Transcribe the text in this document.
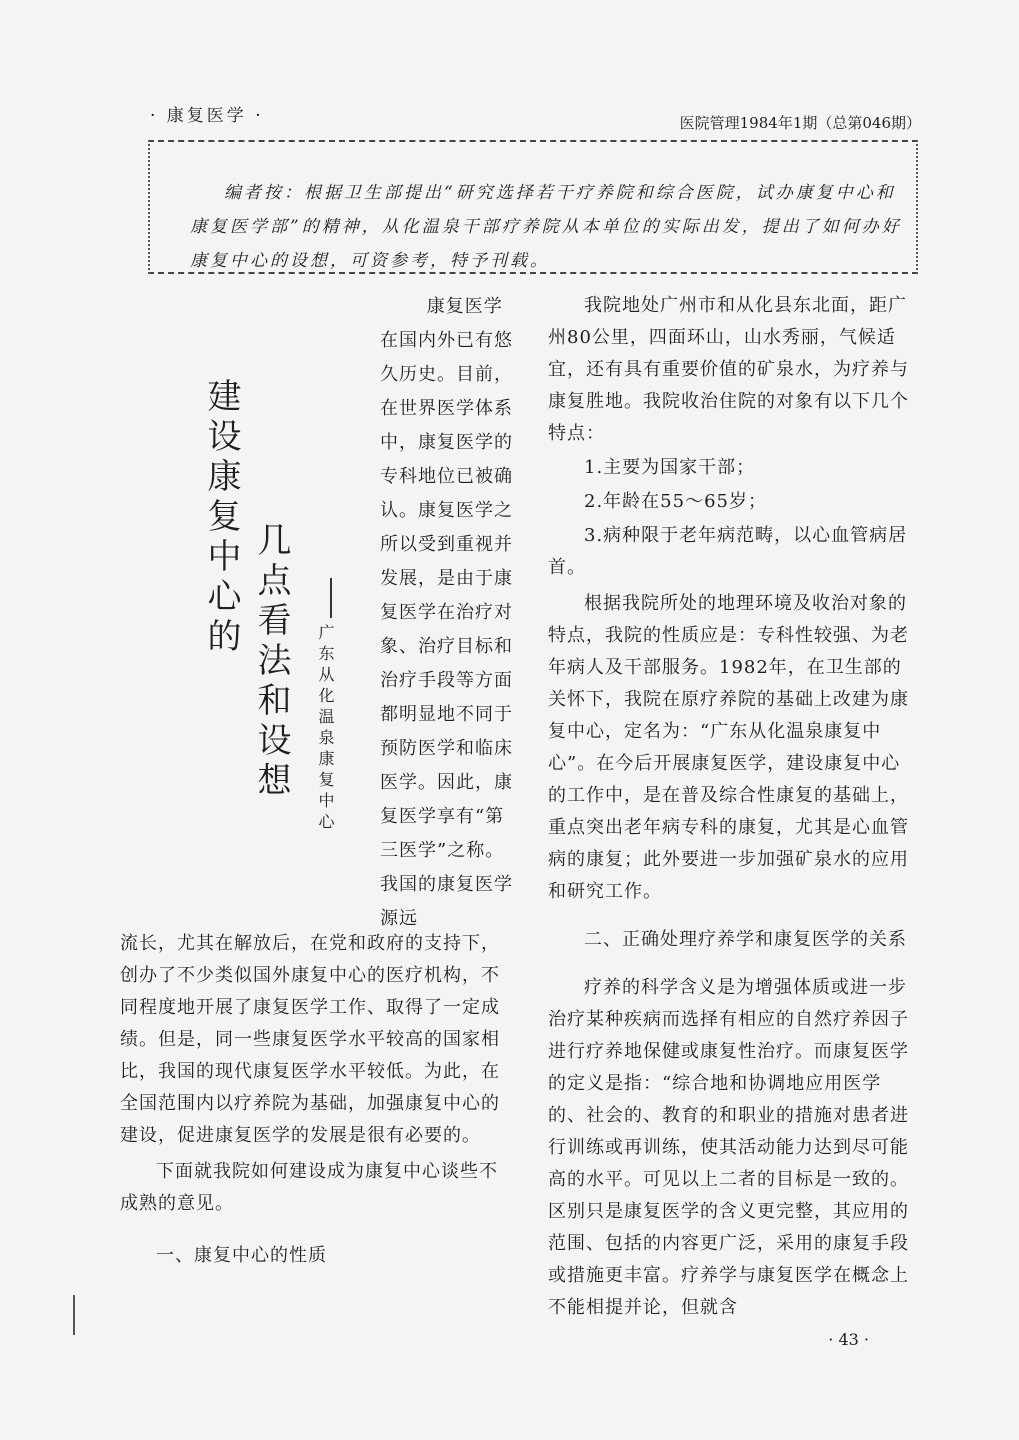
· 康复医学 ·	医院管理1984年1期（总第046期）
编者按：根据卫生部提出“研究选择若干疗养院和综合医院，试办康复中心和康复医学部”的精神，从化温泉干部疗养院从本单位的实际出发，提出了如何办好康复中心的设想，可资参考，特予刊载。
建设康复中心的
几点看法和设想 广东从化温泉康复中心

康复医学在国内外已有悠久历史。目前，在世界医学体系中，康复医学的专科地位已被确认。康复医学之所以受到重视并发展，是由于康复医学在治疗对象、治疗目标和治疗手段等方面都明显地不同于预防医学和临床医学。因此，康复医学享有“第三医学”之称。我国的康复医学源远

流长，尤其在解放后，在党和政府的支持下，创办了不少类似国外康复中心的医疗机构，不同程度地开展了康复医学工作、取得了一定成绩。但是，同一些康复医学水平较高的国家相比，我国的现代康复医学水平较低。为此，在全国范围内以疗养院为基础，加强康复中心的建设，促进康复医学的发展是很有必要的。

下面就我院如何建设成为康复中心谈些不成熟的意见。

一、康复中心的性质

我院地处广州市和从化县东北面，距广州80公里，四面环山，山水秀丽，气候适宜，还有具有重要价值的矿泉水，为疗养与康复胜地。我院收治住院的对象有以下几个特点：

1.主要为国家干部；
2.年龄在55～65岁；
3.病种限于老年病范畴，以心血管病居首。

根据我院所处的地理环境及收治对象的特点，我院的性质应是：专科性较强、为老年病人及干部服务。1982年，在卫生部的关怀下，我院在原疗养院的基础上改建为康复中心，定名为：“广东从化温泉康复中心”。在今后开展康复医学，建设康复中心的工作中，是在普及综合性康复的基础上，重点突出老年病专科的康复，尤其是心血管病的康复；此外要进一步加强矿泉水的应用和研究工作。

二、正确处理疗养学和康复医学的关系

疗养的科学含义是为增强体质或进一步治疗某种疾病而选择有相应的自然疗养因子进行疗养地保健或康复性治疗。而康复医学的定义是指：“综合地和协调地应用医学的、社会的、教育的和职业的措施对患者进行训练或再训练，使其活动能力达到尽可能高的水平。可见以上二者的目标是一致的。区别只是康复医学的含义更完整，其应用的范围、包括的内容更广泛，采用的康复手段或措施更丰富。疗养学与康复医学在概念上不能相提并论，但就含

· 43 ·
